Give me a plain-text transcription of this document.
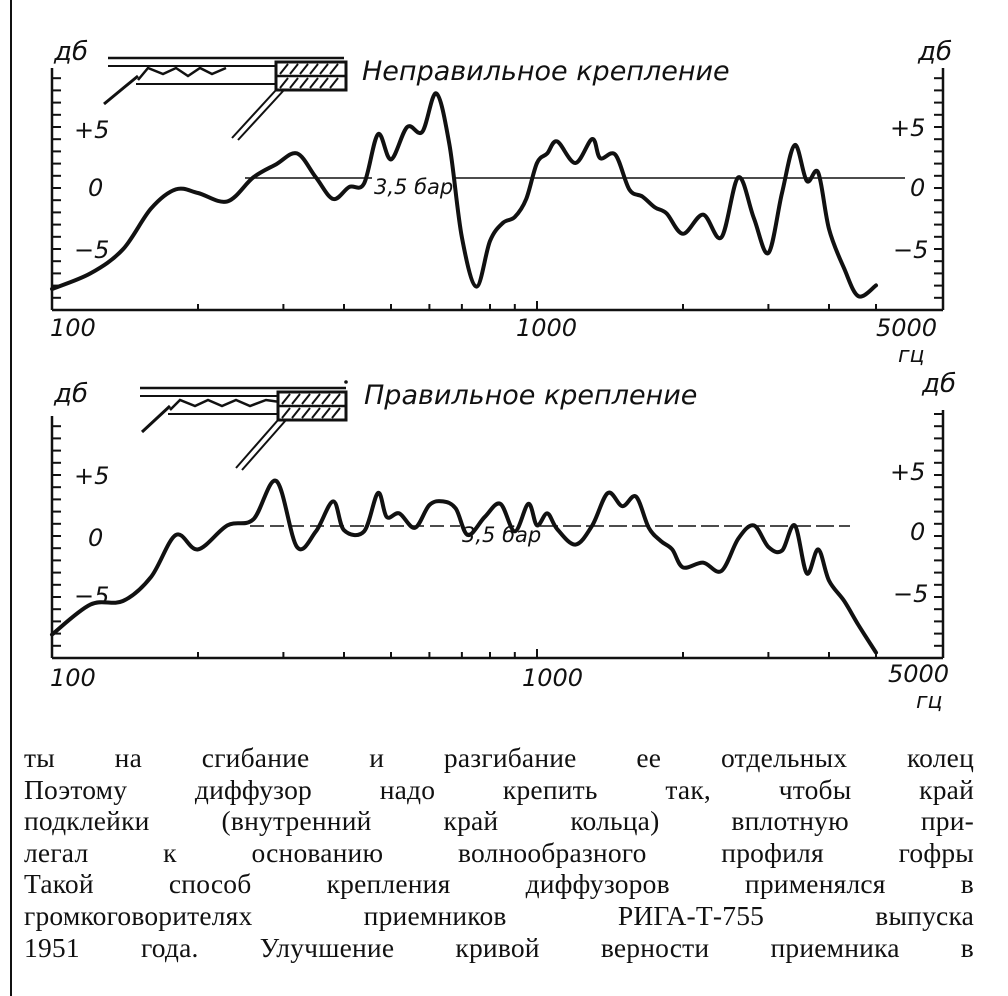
дб	дб
+5
0
−5
+5
0
−5
100	1000	5000
гц
Неправильное крепление
3,5 бар
дб	дб
+5
0
−5
+5
0
−5
100	1000	5000
гц
Правильное крепление
3,5 бар
ты на сгибание и разгибание ее отдельных колец
Поэтому диффузор надо крепить так, чтобы край
подклейки (внутренний край кольца) вплотную при-
легал к основанию волнообразного профиля гофры
Такой способ крепления диффузоров применялся в
громкоговорителях приемников РИГА-Т-755 выпуска
1951 года. Улучшение кривой верности приемника в
